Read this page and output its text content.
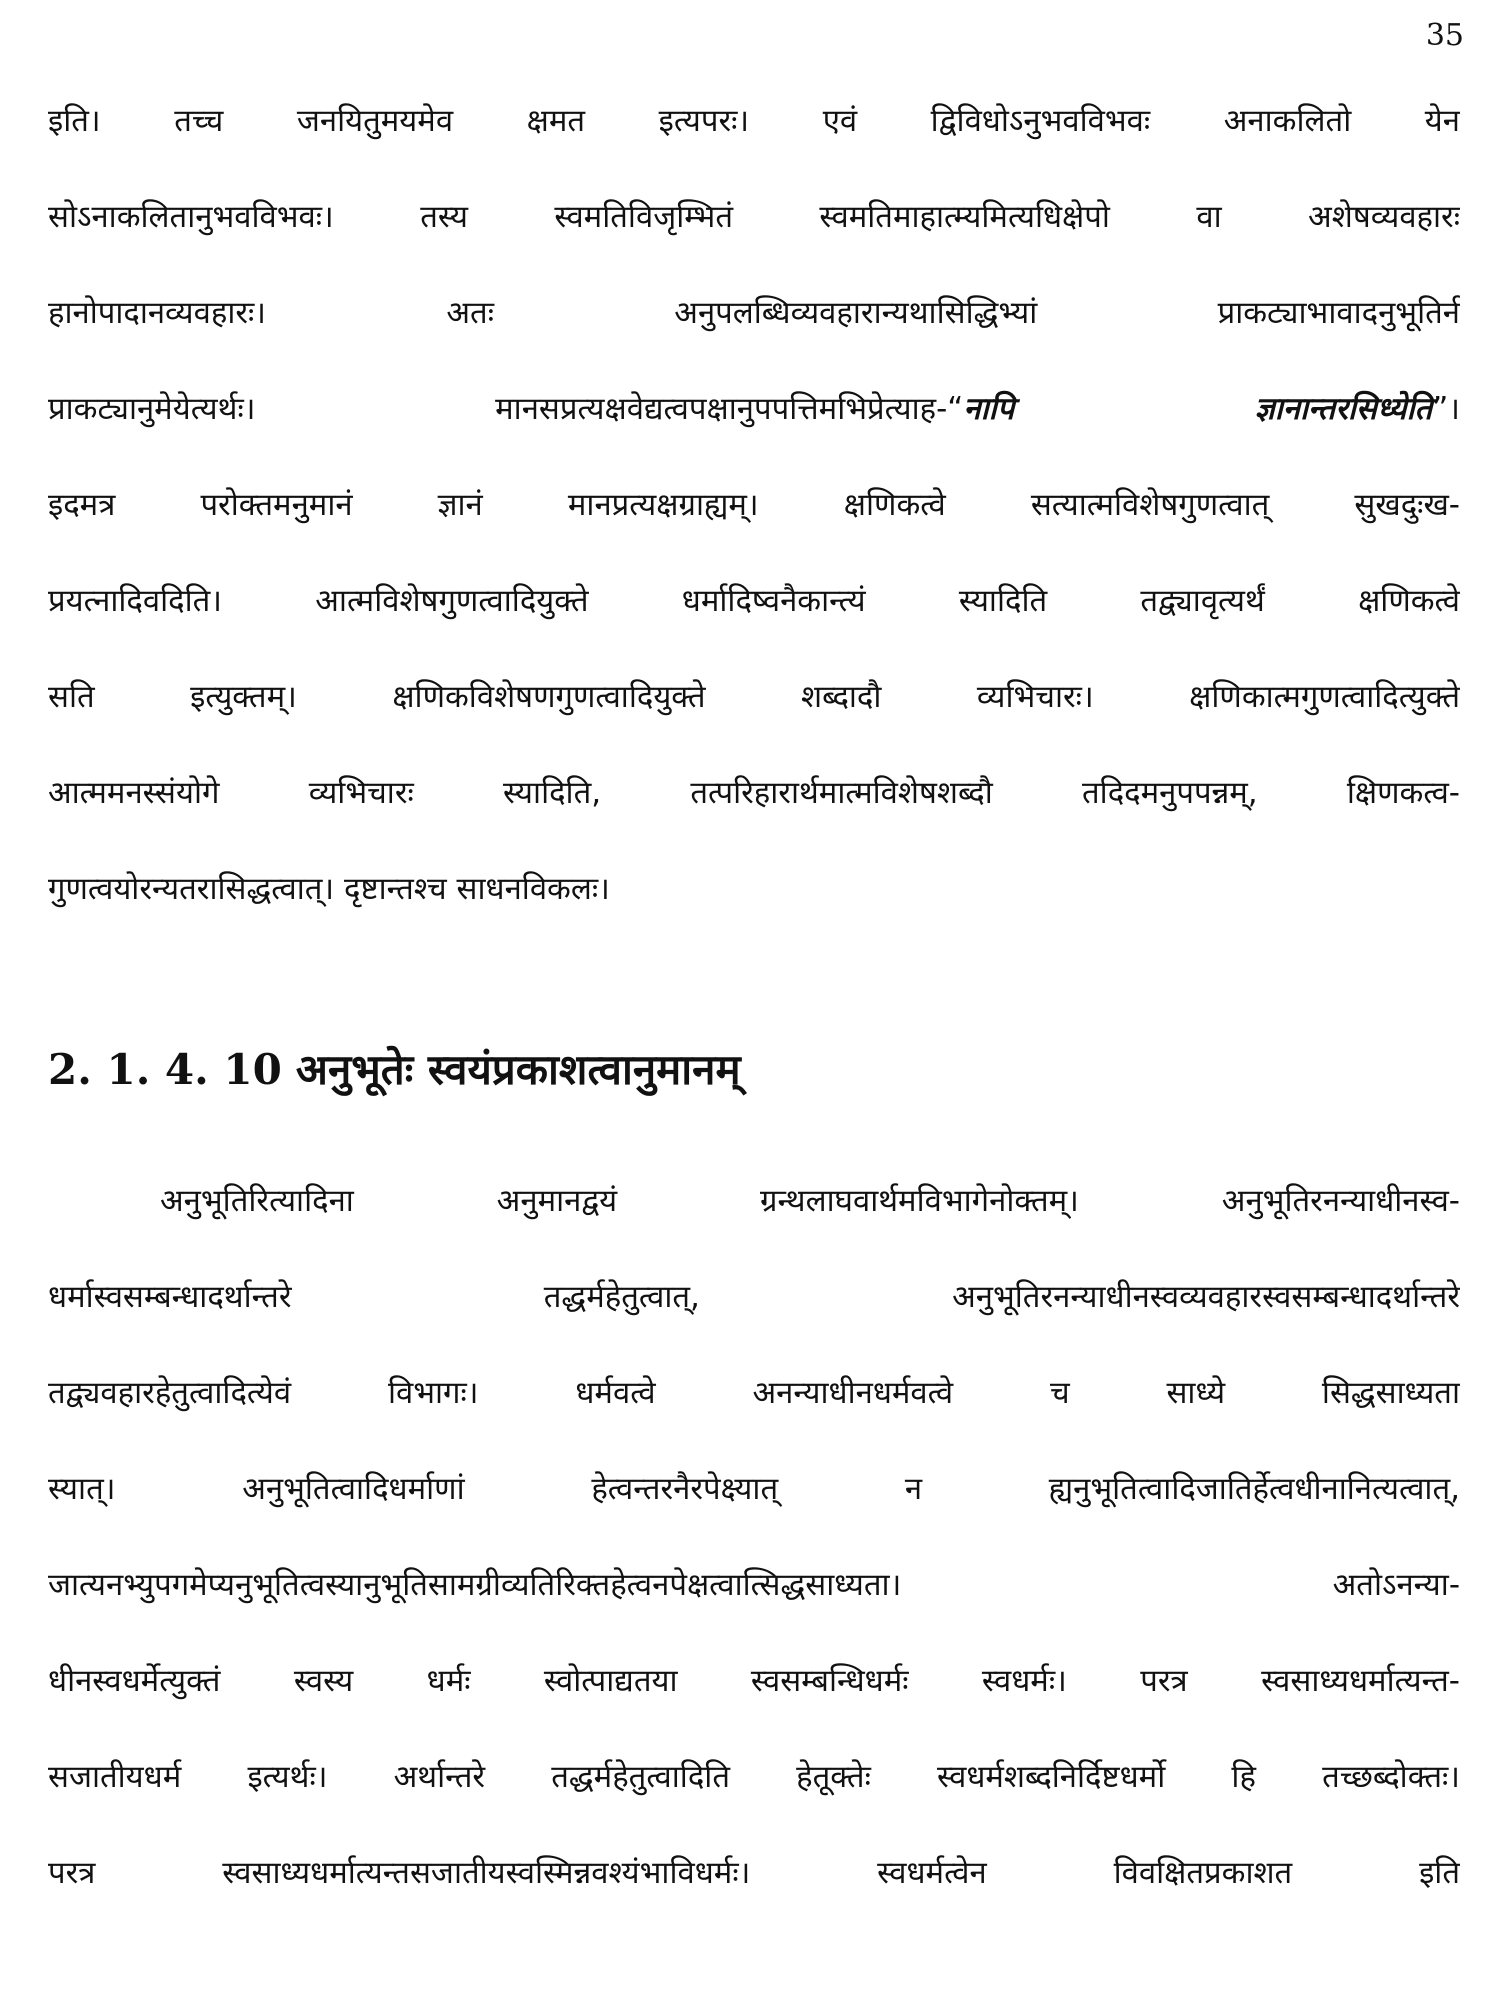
35
इति। तच्च जनयितुमयमेव क्षमत इत्यपरः। एवं द्विविधोऽनुभवविभवः अनाकलितो येन
सोऽनाकलितानुभवविभवः। तस्य स्वमतिविजृम्भितं स्वमतिमाहात्म्यमित्यधिक्षेपो वा अशेषव्यवहारः
हानोपादानव्यवहारः। अतः अनुपलब्धिव्यवहारान्यथासिद्धिभ्यां प्राकट्याभावादनुभूतिर्न
प्राकट्यानुमेयेत्यर्थः। मानसप्रत्यक्षवेद्यत्वपक्षानुपपत्तिमभिप्रेत्याह-“नापि ज्ञानान्तरसिध्येति”।
इदमत्र परोक्तमनुमानं ज्ञानं मानप्रत्यक्षग्राह्यम्। क्षणिकत्वे सत्यात्मविशेषगुणत्वात् सुखदुःख-
प्रयत्नादिवदिति। आत्मविशेषगुणत्वादियुक्ते धर्मादिष्वनैकान्त्यं स्यादिति तद्व्यावृत्यर्थं क्षणिकत्वे
सति इत्युक्तम्। क्षणिकविशेषणगुणत्वादियुक्ते शब्दादौ व्यभिचारः। क्षणिकात्मगुणत्वादित्युक्ते
आत्ममनस्संयोगे व्यभिचारः स्यादिति, तत्परिहारार्थमात्मविशेषशब्दौ तदिदमनुपपन्नम्, क्षिणकत्व-
गुणत्वयोरन्यतरासिद्धत्वात्। दृष्टान्तश्च साधनविकलः।
2. 1. 4. 10 अनुभूतेः स्वयंप्रकाशत्वानुमानम्
अनुभूतिरित्यादिना अनुमानद्वयं ग्रन्थलाघवार्थमविभागेनोक्तम्। अनुभूतिरनन्याधीनस्व-
धर्मास्वसम्बन्धादर्थान्तरे तद्धर्महेतुत्वात्, अनुभूतिरनन्याधीनस्वव्यवहारस्वसम्बन्धादर्थान्तरे
तद्व्यवहारहेतुत्वादित्येवं विभागः। धर्मवत्वे अनन्याधीनधर्मवत्वे च साध्ये सिद्धसाध्यता
स्यात्। अनुभूतित्वादिधर्माणां हेत्वन्तरनैरपेक्ष्यात् न ह्यनुभूतित्वादिजातिर्हेत्वधीनानित्यत्वात्,
जात्यनभ्युपगमेप्यनुभूतित्वस्यानुभूतिसामग्रीव्यतिरिक्तहेत्वनपेक्षत्वात्सिद्धसाध्यता। अतोऽनन्या-
धीनस्वधर्मेत्युक्तं स्वस्य धर्मः स्वोत्पाद्यतया स्वसम्बन्धिधर्मः स्वधर्मः। परत्र स्वसाध्यधर्मात्यन्त-
सजातीयधर्म इत्यर्थः। अर्थान्तरे तद्धर्महेतुत्वादिति हेतूक्तेः स्वधर्मशब्दनिर्दिष्टधर्मो हि तच्छब्दोक्तः।
परत्र स्वसाध्यधर्मात्यन्तसजातीयस्वस्मिन्नवश्यंभाविधर्मः। स्वधर्मत्वेन विवक्षितप्रकाशत इति
